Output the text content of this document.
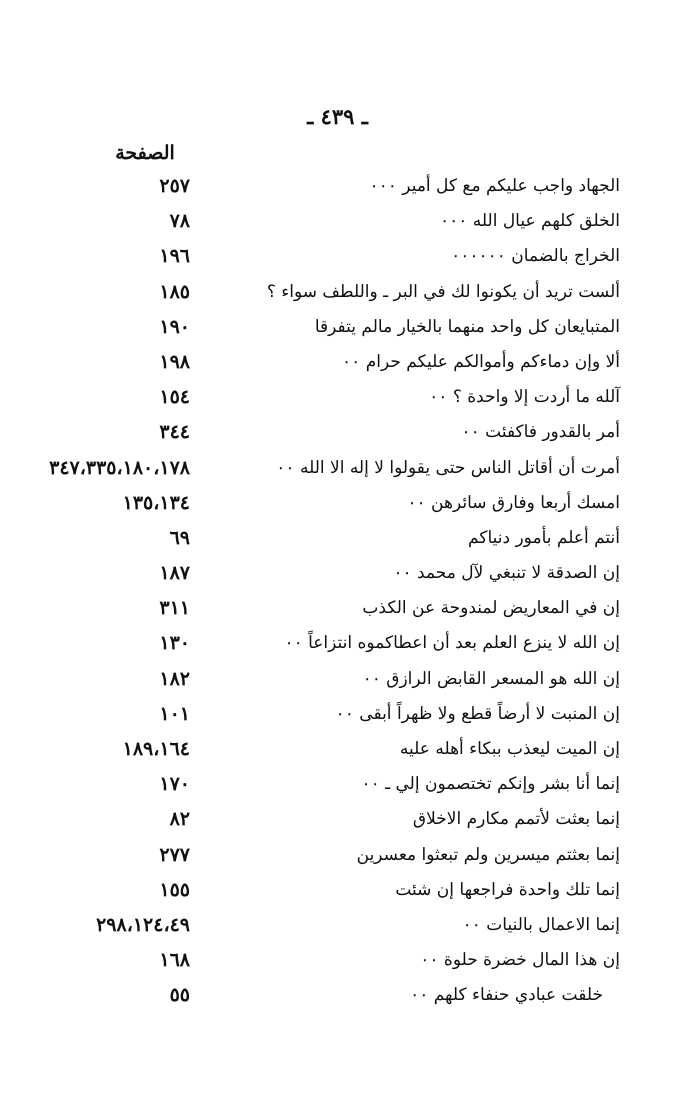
ـ ٤٣٩ ـ
الصفحة
الجهاد واجب عليكم مع كل أمير ٠٠٠
٢٥٧
الخلق كلهم عيال الله ٠٠٠
٧٨
الخراج بالضمان ٠٠٠٠٠٠
١٩٦
ألست تريد أن يكونوا لك في البر ـ واللطف سواء ؟
١٨٥
المتبايعان كل واحد منهما بالخيار مالم يتفرقا
١٩٠
ألا وإن دماءكم وأموالكم عليكم حرام ٠٠
١٩٨
آلله ما أردت إلا واحدة ؟ ٠٠
١٥٤
أمر بالقدور فاكفئت ٠٠
٣٤٤
أمرت أن أقاتل الناس حتى يقولوا لا إله الا الله ٠٠
٣٤٧،٣٣٥،١٨٠،١٧٨
امسك أربعا وفارق سائرهن ٠٠
١٣٥،١٣٤
أنتم أعلم بأمور دنياكم
٦٩
إن الصدقة لا تنبغي لآل محمد ٠٠
١٨٧
إن في المعاريض لمندوحة عن الكذب
٣١١
إن الله لا ينزع العلم بعد أن اعطاكموه انتزاعاً ٠٠
١٣٠
إن الله هو المسعر القابض الرازق ٠٠
١٨٢
إن المنبت لا أرضاً قطع ولا ظهراً أبقى ٠٠
١٠١
إن الميت ليعذب ببكاء أهله عليه
١٨٩،١٦٤
إنما أنا بشر وإنكم تختصمون إلي ـ ٠٠
١٧٠
إنما بعثت لأتمم مكارم الاخلاق
٨٢
إنما بعثتم ميسرين ولم تبعثوا معسرين
٢٧٧
إنما تلك واحدة فراجعها إن شئت
١٥٥
إنما الاعمال بالنيات ٠٠
٢٩٨،١٢٤،٤٩
إن هذا المال خضرة حلوة ٠٠
١٦٨
خلقت عبادي حنفاء كلهم ٠٠
٥٥
